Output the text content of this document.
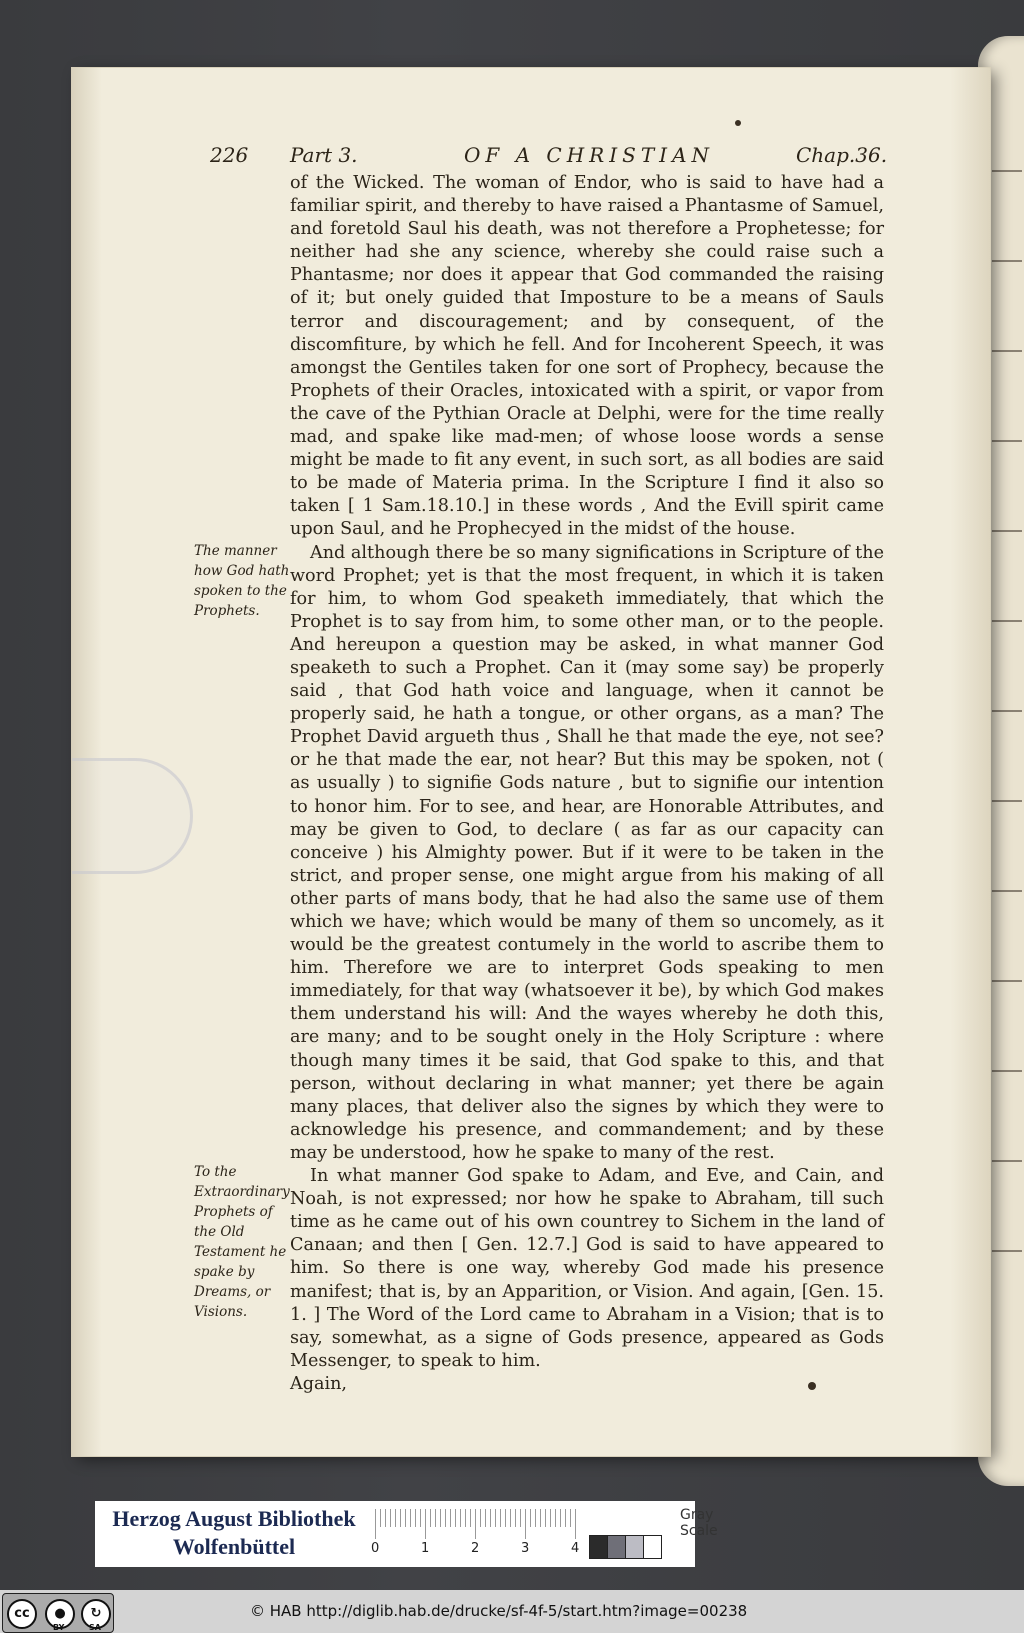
226 Part 3.	OF A CHRISTIAN	Chap.36.
The manner how God hath spoken to the Prophets.
To the Extraordinary Prophets of the Old Testament he spake by Dreams, or Visions.

of the Wicked. The woman of Endor, who is said to have had a familiar spirit, and thereby to have raised a Phantasme of Samuel, and foretold Saul his death, was not therefore a Prophetesse; for neither had she any science, whereby she could raise such a Phantasme; nor does it appear that God commanded the raising of it; but onely guided that Imposture to be a means of Sauls terror and discouragement; and by consequent, of the discomfiture, by which he fell. And for Incoherent Speech, it was amongst the Gentiles taken for one sort of Prophecy, because the Prophets of their Oracles, intoxicated with a spirit, or vapor from the cave of the Pythian Oracle at Delphi, were for the time really mad, and spake like mad-men; of whose loose words a sense might be made to fit any event, in such sort, as all bodies are said to be made of Materia prima. In the Scripture I find it also so taken [ 1 Sam.18.10.] in these words , And the Evill spirit came upon Saul, and he Prophecyed in the midst of the house.

And although there be so many significations in Scripture of the word Prophet; yet is that the most frequent, in which it is taken for him, to whom God speaketh immediately, that which the Prophet is to say from him, to some other man, or to the people. And hereupon a question may be asked, in what manner God speaketh to such a Prophet. Can it (may some say) be properly said , that God hath voice and language, when it cannot be properly said, he hath a tongue, or other organs, as a man? The Prophet David argueth thus , Shall he that made the eye, not see? or he that made the ear, not hear? But this may be spoken, not ( as usually ) to signifie Gods nature , but to signifie our intention to honor him. For to see, and hear, are Honorable Attributes, and may be given to God, to declare ( as far as our capacity can conceive ) his Almighty power. But if it were to be taken in the strict, and proper sense, one might argue from his making of all other parts of mans body, that he had also the same use of them which we have; which would be many of them so uncomely, as it would be the greatest contumely in the world to ascribe them to him. Therefore we are to interpret Gods speaking to men immediately, for that way (whatsoever it be), by which God makes them understand his will: And the wayes whereby he doth this, are many; and to be sought onely in the Holy Scripture : where though many times it be said, that God spake to this, and that person, without declaring in what manner; yet there be again many places, that deliver also the signes by which they were to acknowledge his presence, and commandement; and by these may be understood, how he spake to many of the rest.

In what manner God spake to Adam, and Eve, and Cain, and Noah, is not expressed; nor how he spake to Abraham, till such time as he came out of his own countrey to Sichem in the land of Canaan; and then [ Gen. 12.7.] God is said to have appeared to him. So there is one way, whereby God made his presence manifest; that is, by an Apparition, or Vision. And again, [Gen. 15. 1. ] The Word of the Lord came to Abraham in a Vision; that is to say, somewhat, as a signe of Gods presence, appeared as Gods Messenger, to speak to him.

Again,

Herzog August Bibliothek
Wolfenbüttel
Gray Scale
0	1	2	3	4
cc	●	↻
BY	SA
© HAB http://diglib.hab.de/drucke/sf-4f-5/start.htm?image=00238
